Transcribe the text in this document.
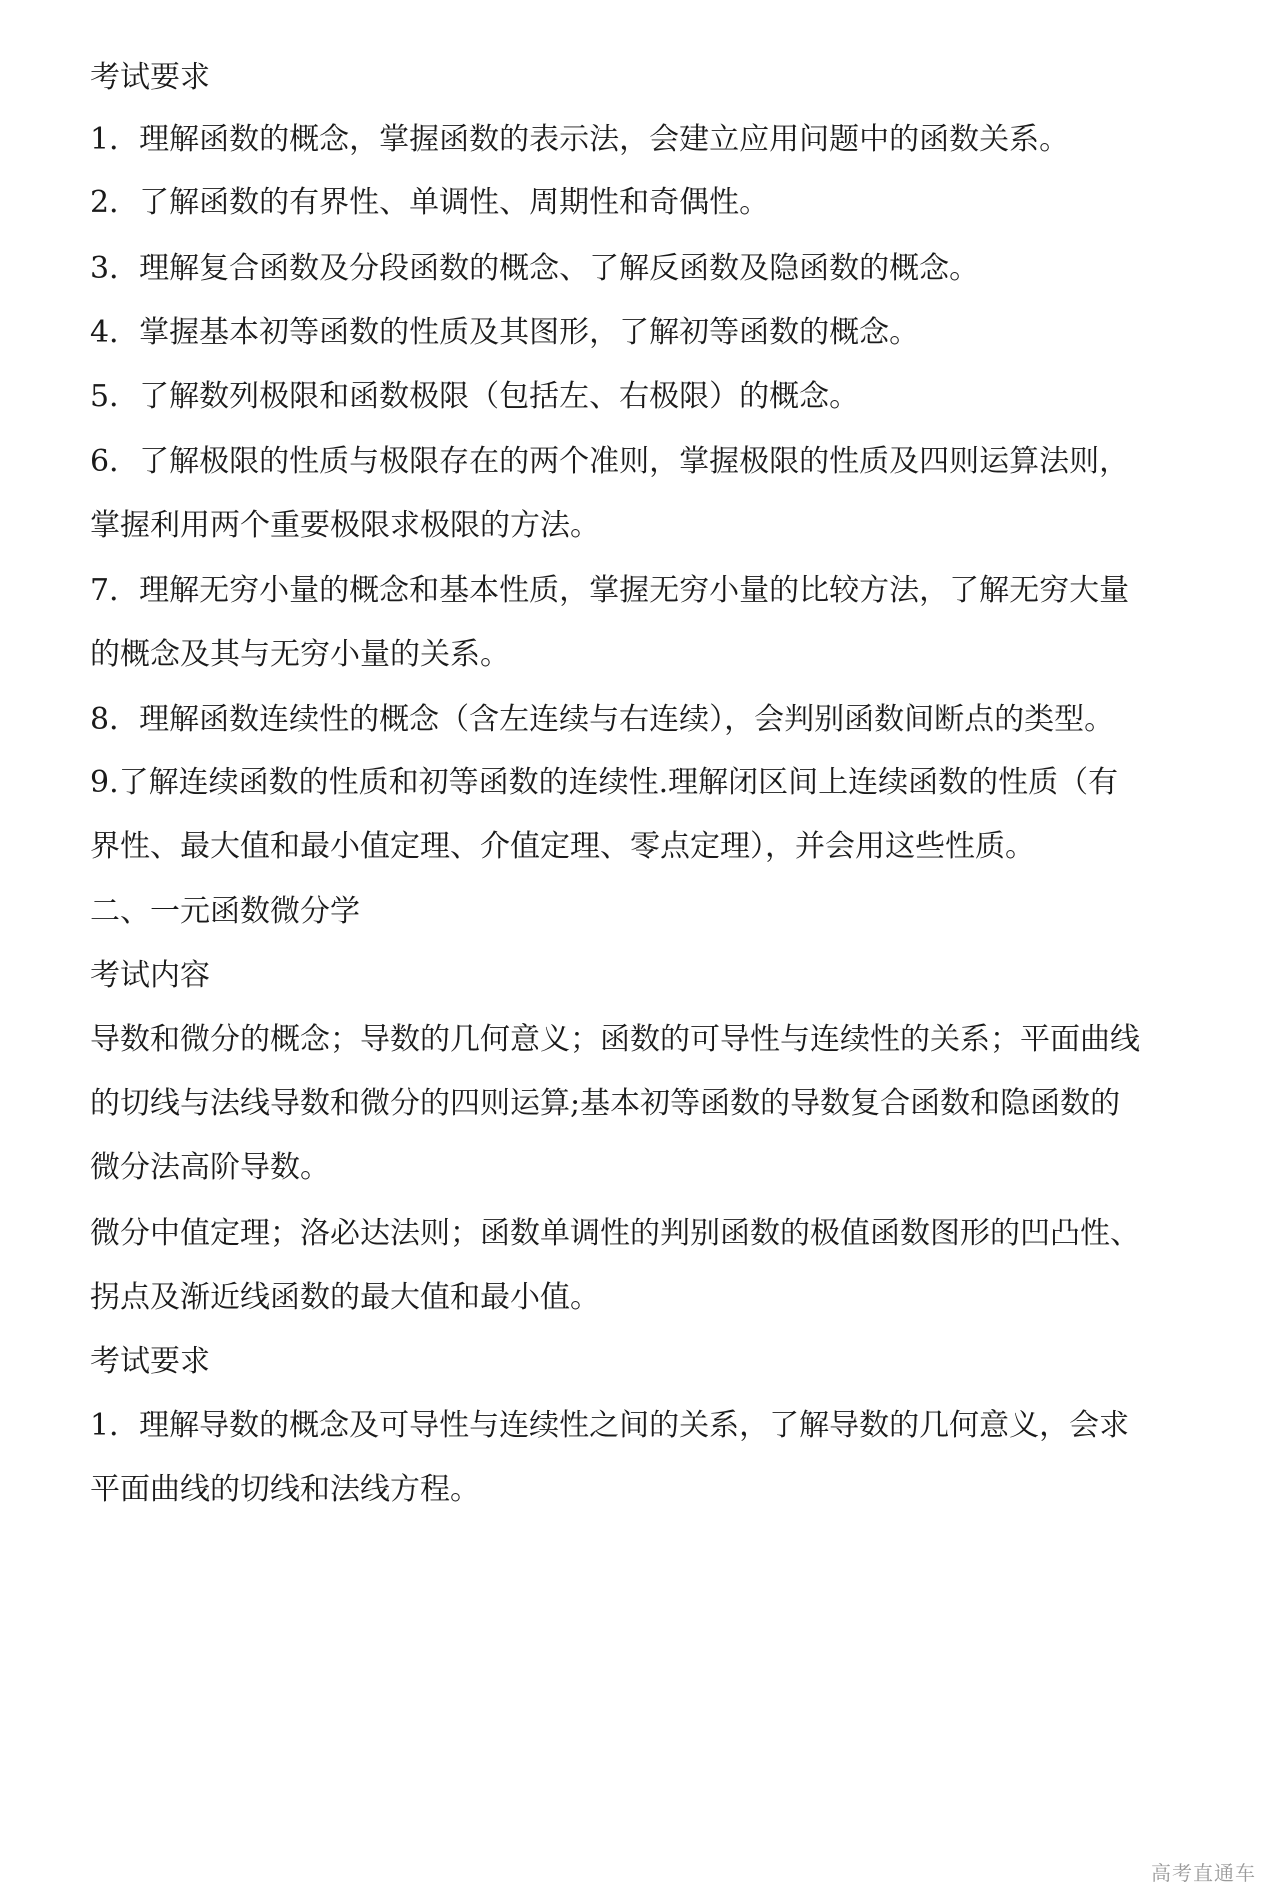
考试要求
1．理解函数的概念，掌握函数的表示法，会建立应用问题中的函数关系。
2．了解函数的有界性、单调性、周期性和奇偶性。
3．理解复合函数及分段函数的概念、了解反函数及隐函数的概念。
4．掌握基本初等函数的性质及其图形，了解初等函数的概念。
5．了解数列极限和函数极限（包括左、右极限）的概念。
6．了解极限的性质与极限存在的两个准则，掌握极限的性质及四则运算法则，
掌握利用两个重要极限求极限的方法。
7．理解无穷小量的概念和基本性质，掌握无穷小量的比较方法，了解无穷大量
的概念及其与无穷小量的关系。
8．理解函数连续性的概念（含左连续与右连续），会判别函数间断点的类型。
9.了解连续函数的性质和初等函数的连续性.理解闭区间上连续函数的性质（有
界性、最大值和最小值定理、介值定理、零点定理），并会用这些性质。
二、一元函数微分学
考试内容
导数和微分的概念；导数的几何意义；函数的可导性与连续性的关系；平面曲线
的切线与法线导数和微分的四则运算;基本初等函数的导数复合函数和隐函数的
微分法高阶导数。
微分中值定理；洛必达法则；函数单调性的判别函数的极值函数图形的凹凸性、
拐点及渐近线函数的最大值和最小值。
考试要求
1．理解导数的概念及可导性与连续性之间的关系，了解导数的几何意义，会求
平面曲线的切线和法线方程。
高考直通车
